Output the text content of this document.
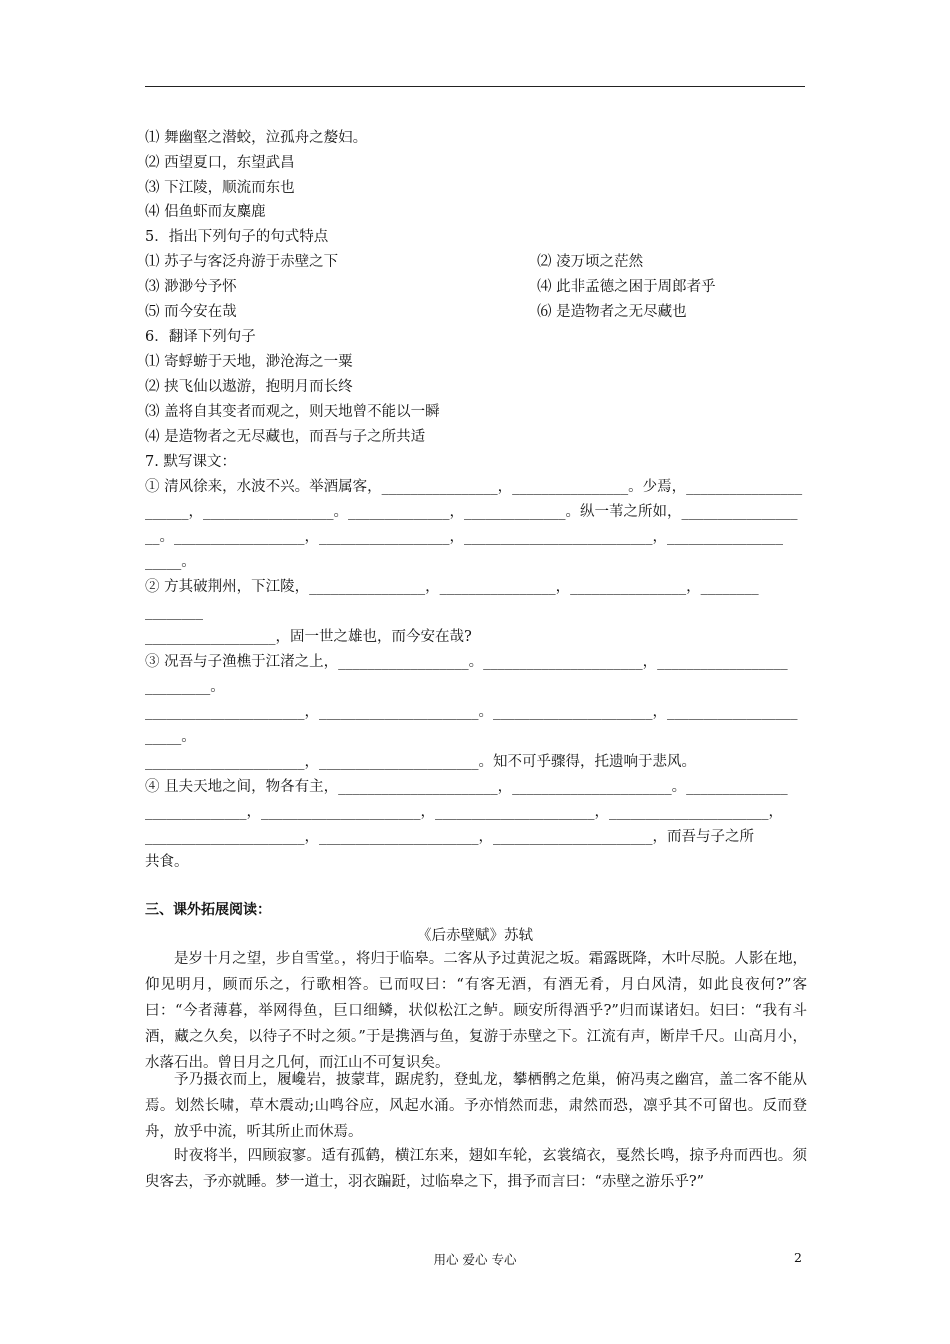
⑴ 舞幽壑之潜蛟，泣孤舟之嫠妇。
⑵ 西望夏口，东望武昌
⑶ 下江陵，顺流而东也
⑷ 侣鱼虾而友麋鹿
5．指出下列句子的句式特点
⑴ 苏子与客泛舟游于赤壁之下	⑵ 凌万顷之茫然
⑶ 渺渺兮予怀	⑷ 此非孟德之困于周郎者乎
⑸ 而今安在哉	⑹ 是造物者之无尽藏也
6．翻译下列句子
⑴ 寄蜉蝣于天地，渺沧海之一粟
⑵ 挟飞仙以遨游，抱明月而长终
⑶ 盖将自其变者而观之，则天地曾不能以一瞬
⑷ 是造物者之无尽藏也，而吾与子之所共适
7. 默写课文：
① 清风徐来，水波不兴。举酒属客，________________，________________。少焉，________________
______，__________________。______________，______________。纵一苇之所如，________________
__。__________________，__________________，__________________________，________________
_____。
② 方其破荆州，下江陵，________________，________________，________________，________
________
__________________，固一世之雄也，而今安在哉?
③ 况吾与子渔樵于江渚之上，__________________。______________________，__________________
_________。
______________________，______________________。______________________，__________________
_____。
______________________，______________________。知不可乎骤得，托遗响于悲风。
④ 且夫天地之间，物各有主，______________________，______________________。______________
______________，______________________，______________________，______________________，
______________________，______________________，______________________，而吾与子之所
共食。
三、课外拓展阅读：
《后赤壁赋》苏轼
是岁十月之望，步自雪堂。，将归于临皋。二客从予过黄泥之坂。霜露既降，木叶尽脱。人影在地，仰见明月，顾而乐之，行歌相答。已而叹曰：“有客无酒，有酒无肴，月白风清，如此良夜何?”客曰：“今者薄暮，举网得鱼，巨口细鳞，状似松江之鲈。顾安所得酒乎?”归而谋诸妇。妇曰：“我有斗酒，藏之久矣，以待子不时之须。”于是携酒与鱼，复游于赤壁之下。江流有声，断岸千尺。山高月小，水落石出。曾日月之几何，而江山不可复识矣。
予乃摄衣而上，履巉岩，披蒙茸，踞虎豹，登虬龙，攀栖鹘之危巢，俯冯夷之幽宫，盖二客不能从焉。划然长啸，草木震动;山鸣谷应，风起水涌。予亦悄然而悲，肃然而恐，凛乎其不可留也。反而登舟，放乎中流，听其所止而休焉。
时夜将半，四顾寂寥。适有孤鹤，横江东来，翅如车轮，玄裳缟衣，戛然长鸣，掠予舟而西也。须臾客去，予亦就睡。梦一道士，羽衣蹁跹，过临皋之下，揖予而言曰：“赤壁之游乐乎?”
用心 爱心 专心	2
